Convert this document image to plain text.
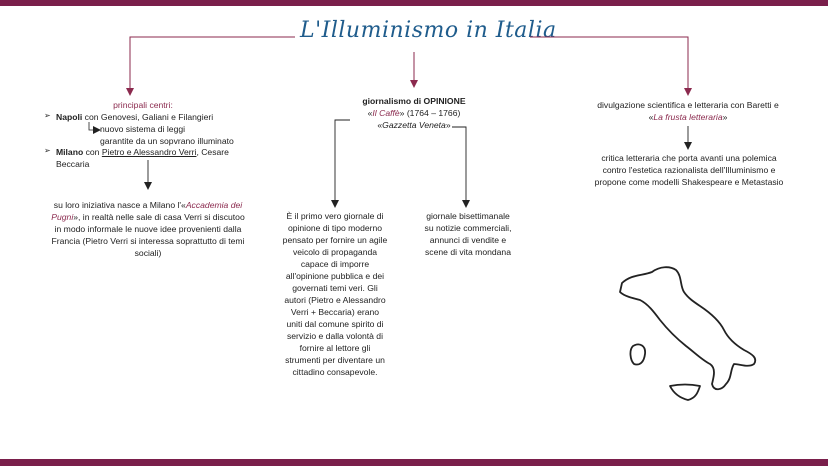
L'Illuminismo in Italia
principali centri:
➢ Napoli con Genovesi, Galiani e Filangieri
nuovo sistema di leggi
garantite da un sopvrano illuminato
➢ Milano con Pietro e Alessandro Verri, Cesare
Beccaria
su loro iniziativa nasce a Milano l'«Accademia dei Pugni», in realtà nelle sale di casa Verri si discutoo in modo informale le nuove idee provenienti dalla Francia (Pietro Verri si interessa soprattutto di temi sociali)
giornalismo di OPINIONE
«Il Caffè» (1764 – 1766)
«Gazzetta Veneta»
È il primo vero giornale di opinione di tipo moderno pensato per fornire un agile veicolo di propaganda capace di imporre all'opinione pubblica e dei governati temi veri. Gli autori (Pietro e Alessandro Verri + Beccaria) erano uniti dal comune spirito di servizio e dalla volontà di fornire al lettore gli strumenti per diventare un cittadino consapevole.
giornale bisettimanale su notizie commerciali, annunci di vendite e scene di vita mondana
divulgazione scientifica e letteraria con Baretti e
«La frusta letteraria»
critica letteraria che porta avanti una polemica contro l'estetica razionalista dell'Illuminismo e propone come modelli Shakespeare e Metastasio
